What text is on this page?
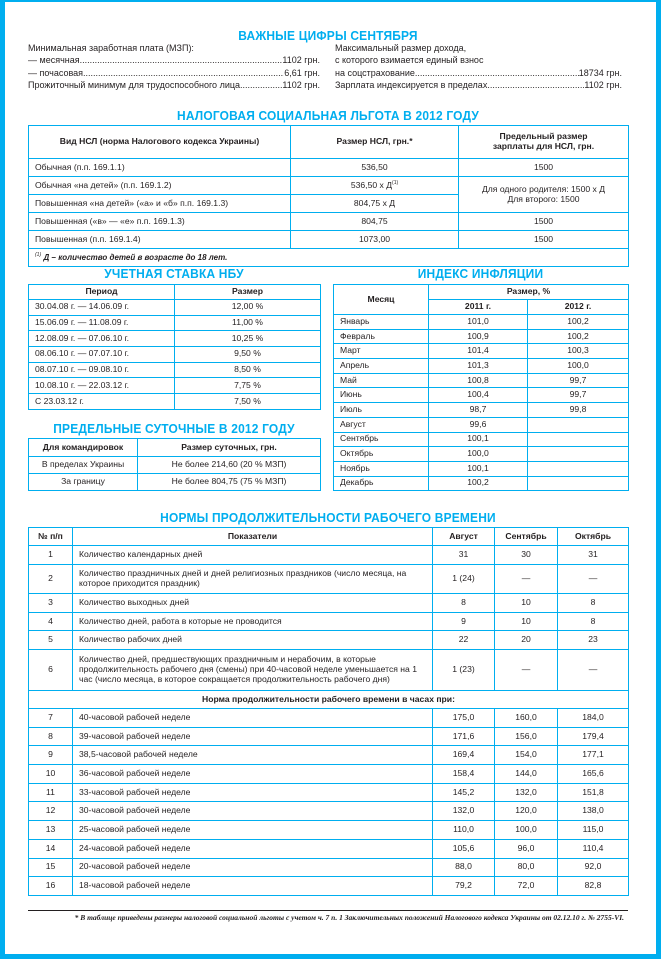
ВАЖНЫЕ ЦИФРЫ СЕНТЯБРЯ
Минимальная заработная плата (МЗП):
— месячная .....	1102 грн.
— почасовая .....	6,61 грн.
Прожиточный минимум для трудоспособного лица .....	1102 грн.
Максимальный размер дохода,
с которого взимается единый взнос
на соцстрахование .....	18734 грн.
Зарплата индексируется в пределах .....	1102 грн.
НАЛОГОВАЯ СОЦИАЛЬНАЯ ЛЬГОТА В 2012 ГОДУ
Вид НСЛ (норма Налогового кодекса Украины)	Размер НСЛ, грн.*	Предельный размер зарплаты для НСЛ, грн.
Обычная (п.п. 169.1.1)	536,50	1500
Обычная «на детей» (п.п. 169.1.2)	536,50 х $Д^{(1)}$	Для одного родителя: 1500 х Д
Для второго: 1500

Повышенная «на детей» («а» и «б» п.п. 169.1.3)	804,75 х Д	
Повышенная («в» — «е» п.п. 169.1.3)	804,75	1500
Повышенная (п.п. 169.1.4)	1073,00	1500
$^{(1)}$ Д – количество детей в возрасте до 18 лет.		
УЧЕТНАЯ СТАВКА НБУ
Период	Размер
30.04.08 г. — 14.06.09 г.	12,00 %
15.06.09 г. — 11.08.09 г.	11,00 %
12.08.09 г. — 07.06.10 г.	10,25 %
08.06.10 г. — 07.07.10 г.	9,50 %
08.07.10 г. — 09.08.10 г.	8,50 %
10.08.10 г. — 22.03.12 г.	7,75 %
С 23.03.12 г.	7,50 %
ПРЕДЕЛЬНЫЕ СУТОЧНЫЕ В 2012 ГОДУ
Для командировок	Размер суточных, грн.
В пределах Украины	Не более 214,60 (20 % МЗП)
За границу	Не более 804,75 (75 % МЗП)
ИНДЕКС ИНФЛЯЦИИ
Месяц	Размер, %	
	2011 г.	2012 г.
Январь	101,0	100,2
Февраль	100,9	100,2
Март	101,4	100,3
Апрель	101,3	100,0
Май	100,8	99,7
Июнь	100,4	99,7
Июль	98,7	99,8
Август	99,6	
Сентябрь	100,1	
Октябрь	100,0	
Ноябрь	100,1	
Декабрь	100,2	
НОРМЫ ПРОДОЛЖИТЕЛЬНОСТИ РАБОЧЕГО ВРЕМЕНИ
№ п/п	Показатели	Август	Сентябрь	Октябрь
1	Количество календарных дней	31	30	31
2	Количество праздничных дней и дней религиозных праздников (число месяца, на которое приходится праздник)	1 (24)	—	—
3	Количество выходных дней	8	10	8
4	Количество дней, работа в которые не проводится	9	10	8
5	Количество рабочих дней	22	20	23
6	Количество дней, предшествующих праздничным и нерабочим, в которые продолжительность рабочего дня (смены) при 40-часовой неделе уменьшается на 1 час (число месяца, в которое сокращается продолжительность рабочего дня)	1 (23)	—	—
Норма продолжительности рабочего времени в часах при:				
7	40-часовой рабочей неделе	175,0	160,0	184,0
8	39-часовой рабочей неделе	171,6	156,0	179,4
9	38,5-часовой рабочей неделе	169,4	154,0	177,1
10	36-часовой рабочей неделе	158,4	144,0	165,6
11	33-часовой рабочей неделе	145,2	132,0	151,8
12	30-часовой рабочей неделе	132,0	120,0	138,0
13	25-часовой рабочей неделе	110,0	100,0	115,0
14	24-часовой рабочей неделе	105,6	96,0	110,4
15	20-часовой рабочей неделе	88,0	80,0	92,0
16	18-часовой рабочей неделе	79,2	72,0	82,8
* В таблице приведены размеры налоговой социальной льготы с учетом ч. 7 п. 1 Заключительных положений Налогового кодекса Украины от 02.12.10 г. № 2755-VI.
